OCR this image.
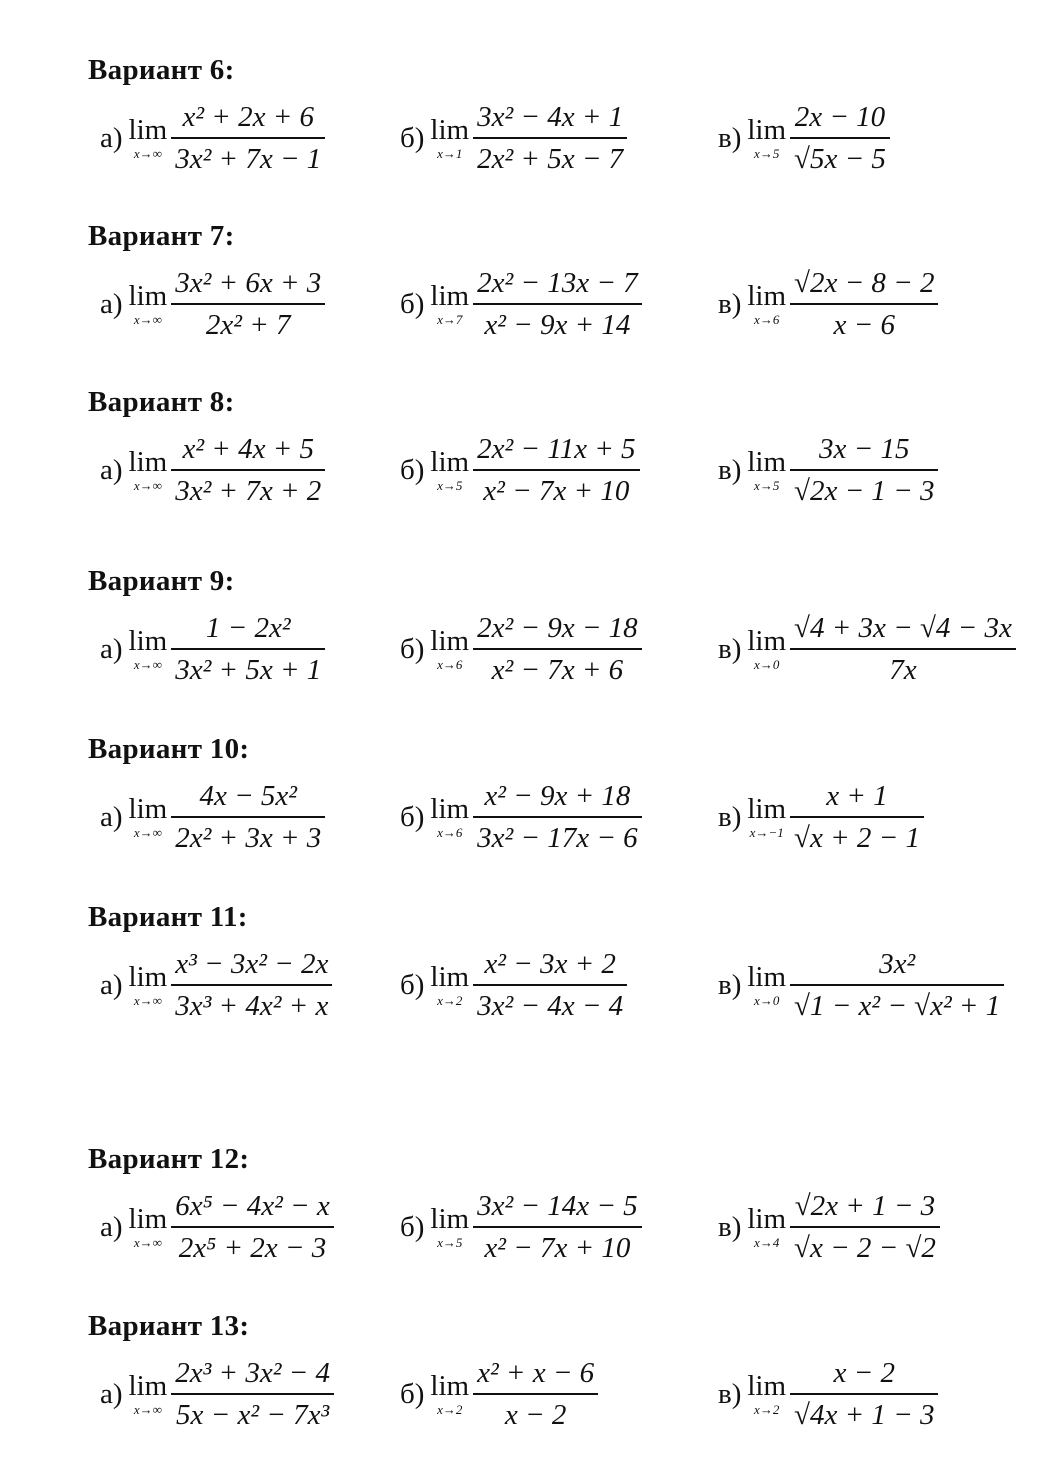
Вариант 6:
а) lim
$x\to\infty \frac{\text{x² + 2x + 6}}{\text{3x² + 7x − 1}}$	б) lim
$x\to 1 \frac{\text{3x² − 4x + 1}}{\text{2x² + 5x − 7}}$	в) lim
$x\to 5 \frac{2x - 10}{√5x - 5}$
Вариант 7:
а) lim
$x\to\infty \frac{\text{3x² + 6x + 3}}{\text{2x² + 7}}$	б) lim
$x\to 7 \frac{\text{2x² − 13x − 7}}{\text{x² − 9x + 14}}$	в) lim
$x\to 6 \frac{√2x - 8 - 2}{x - 6}$
Вариант 8:
а) lim
$x\to\infty \frac{\text{x² + 4x + 5}}{\text{3x² + 7x + 2}}$	б) lim
$x\to 5 \frac{\text{2x² − 11x + 5}}{\text{x² − 7x + 10}}$	в) lim
$x\to 5 \frac{3x - 15}{√2x - 1 - 3}$
Вариант 9:
а) lim
$x\to\infty \frac{\text{1 − 2x²}}{\text{3x² + 5x + 1}}$	б) lim
$x\to 6 \frac{\text{2x² − 9x − 18}}{\text{x² − 7x + 6}}$	в) lim
$x\to 0 \frac{√4 + 3x - √4 - 3x}{7x}$
Вариант 10:
а) lim
$x\to\infty \frac{\text{4x − 5x²}}{\text{2x² + 3x + 3}}$	б) lim
$x\to 6 \frac{\text{x² − 9x + 18}}{\text{3x² − 17x − 6}}$	в) lim
$x\to-1 \frac{x + 1}{√x + 2 - 1}$
Вариант 11:
а) lim
$x\to\infty \frac{\text{x³ − 3x² − 2x}}{\text{3x³ + 4x² + x}} б$) lim
$x\to 2 \frac{\text{x² − 3x + 2}}{\text{3x² − 4x − 4}}$	в) lim
$x\to 0 \frac{\text{3x²}}{\text{√1 − x² − √x² + 1}}$
Вариант 12:
а) lim
$x\to\infty \frac{\text{6x⁵ − 4x² − x}}{\text{2x⁵ + 2x − 3}} б$) lim
$x\to 5 \frac{\text{3x² − 14x − 5}}{\text{x² − 7x + 10}}$	в) lim
$x\to 4 \frac{√2x + 1 - 3}{√x - 2 - √2}$
Вариант 13:
а) lim
$x\to\infty \frac{\text{2x³ + 3x² − 4}}{\text{5x − x² − 7x³}} б$) lim
$x\to 2 \frac{\text{x² + x − 6}}{x - 2}$	в) lim
$x\to 2 \frac{x - 2}{√4x + 1 - 3}$
